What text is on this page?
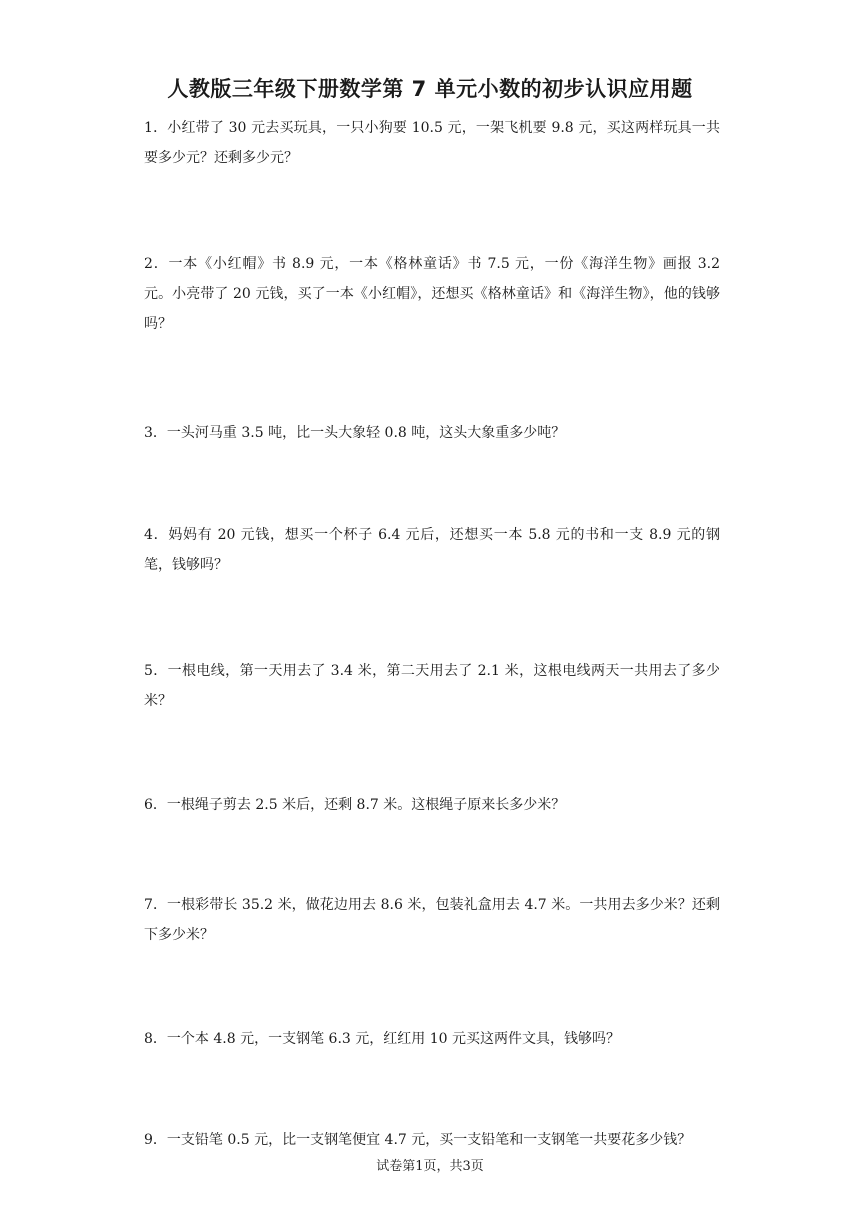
人教版三年级下册数学第 7 单元小数的初步认识应用题

1．小红带了 30 元去买玩具，一只小狗要 10.5 元，一架飞机要 9.8 元，买这两样玩具一共要多少元？还剩多少元？

2．一本《小红帽》书 8.9 元，一本《格林童话》书 7.5 元，一份《海洋生物》画报 3.2 元。小亮带了 20 元钱，买了一本《小红帽》，还想买《格林童话》和《海洋生物》，他的钱够吗？

3．一头河马重 3.5 吨，比一头大象轻 0.8 吨，这头大象重多少吨？

4．妈妈有 20 元钱，想买一个杯子 6.4 元后，还想买一本 5.8 元的书和一支 8.9 元的钢笔，钱够吗？

5．一根电线，第一天用去了 3.4 米，第二天用去了 2.1 米，这根电线两天一共用去了多少米？

6．一根绳子剪去 2.5 米后，还剩 8.7 米。这根绳子原来长多少米？

7．一根彩带长 35.2 米，做花边用去 8.6 米，包装礼盒用去 4.7 米。一共用去多少米？还剩下多少米？

8．一个本 4.8 元，一支钢笔 6.3 元，红红用 10 元买这两件文具，钱够吗？

9．一支铅笔 0.5 元，比一支钢笔便宜 4.7 元，买一支铅笔和一支钢笔一共要花多少钱？

试卷第1页，共3页
